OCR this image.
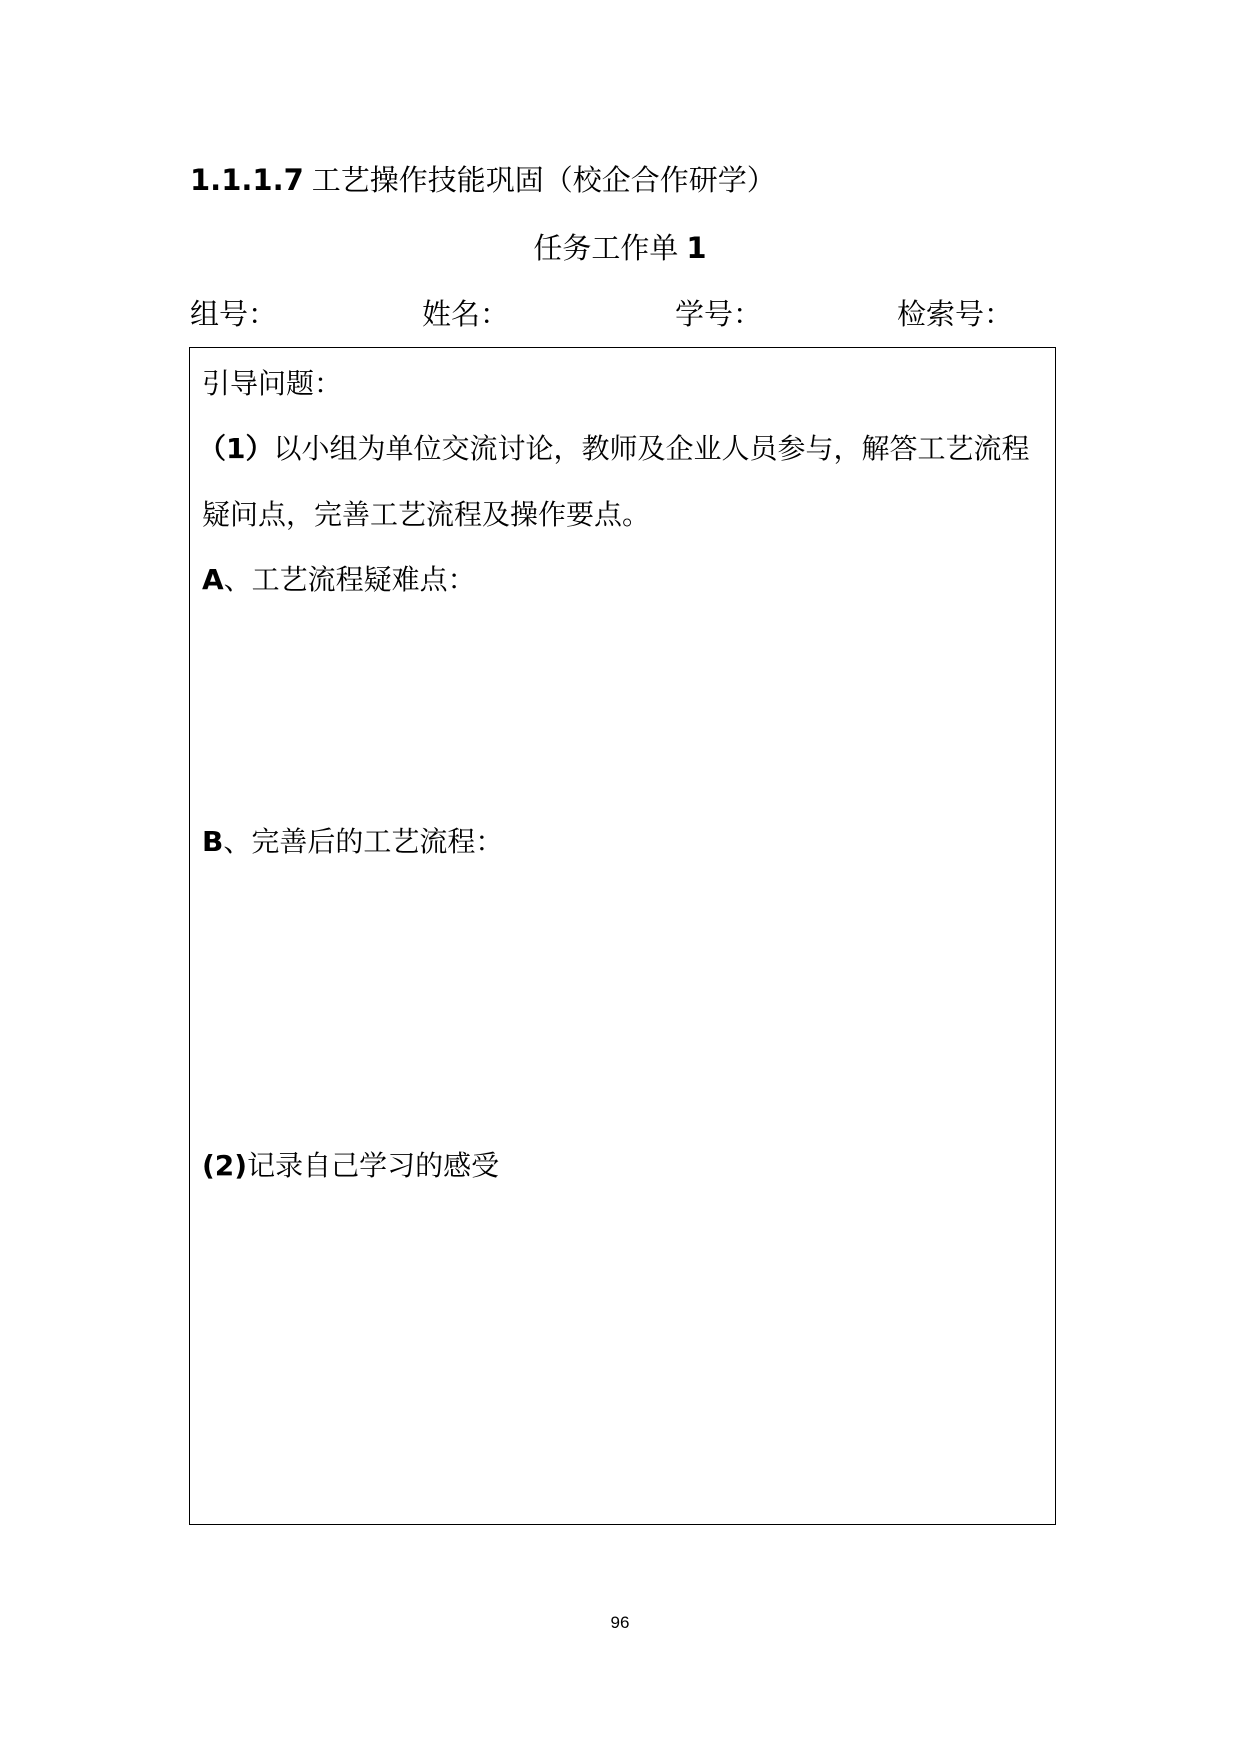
1.1.1.7 工艺操作技能巩固（校企合作研学）
任务工作单 1
组号：	姓名：	学号：	检索号：
引导问题：
（1）以小组为单位交流讨论，教师及企业人员参与，解答工艺流程
疑问点，完善工艺流程及操作要点。
A、工艺流程疑难点：
B、完善后的工艺流程：
(2)记录自己学习的感受
96
